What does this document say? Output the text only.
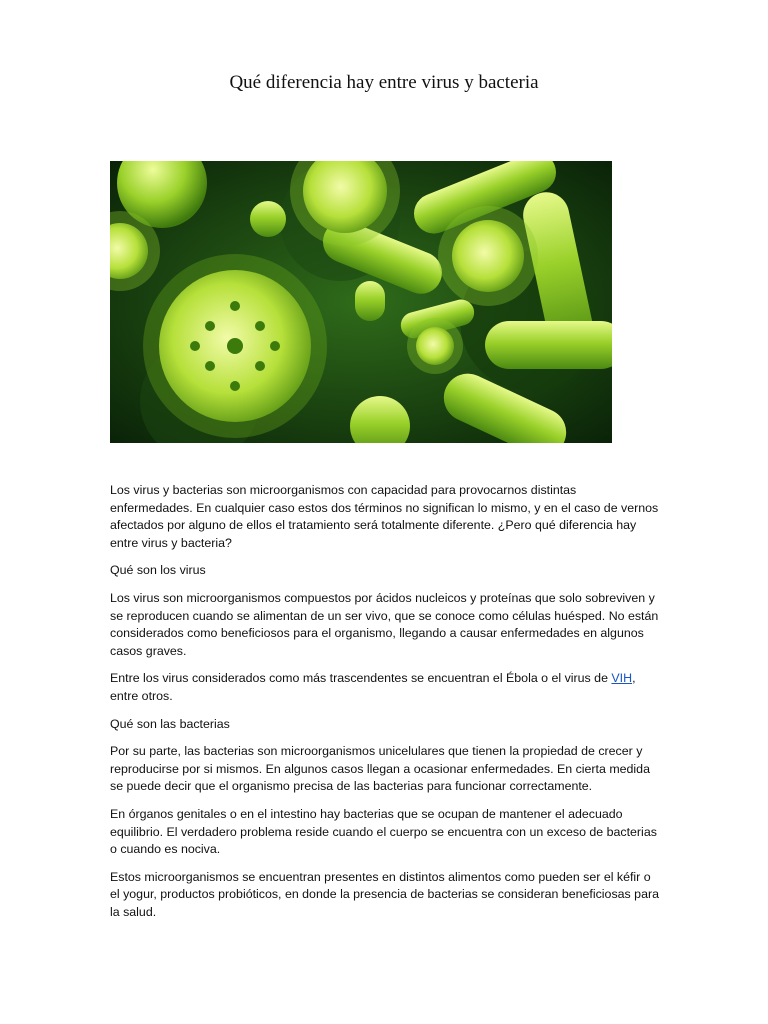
Qué diferencia hay entre virus y bacteria

Los virus y bacterias son microorganismos con capacidad para provocarnos distintas enfermedades. En cualquier caso estos dos términos no significan lo mismo, y en el caso de vernos afectados por alguno de ellos el tratamiento será totalmente diferente. ¿Pero qué diferencia hay entre virus y bacteria?

Qué son los virus

Los virus son microorganismos compuestos por ácidos nucleicos y proteínas que solo sobreviven y se reproducen cuando se alimentan de un ser vivo, que se conoce como células huésped. No están considerados como beneficiosos para el organismo, llegando a causar enfermedades en algunos casos graves.

Entre los virus considerados como más trascendentes se encuentran el Ébola o el virus de VIH, entre otros.

Qué son las bacterias

Por su parte, las bacterias son microorganismos unicelulares que tienen la propiedad de crecer y reproducirse por si mismos. En algunos casos llegan a ocasionar enfermedades. En cierta medida se puede decir que el organismo precisa de las bacterias para funcionar correctamente.

En órganos genitales o en el intestino hay bacterias que se ocupan de mantener el adecuado equilibrio. El verdadero problema reside cuando el cuerpo se encuentra con un exceso de bacterias o cuando es nociva.

Estos microorganismos se encuentran presentes en distintos alimentos como pueden ser el kéfir o el yogur, productos probióticos, en donde la presencia de bacterias se consideran beneficiosas para la salud.
